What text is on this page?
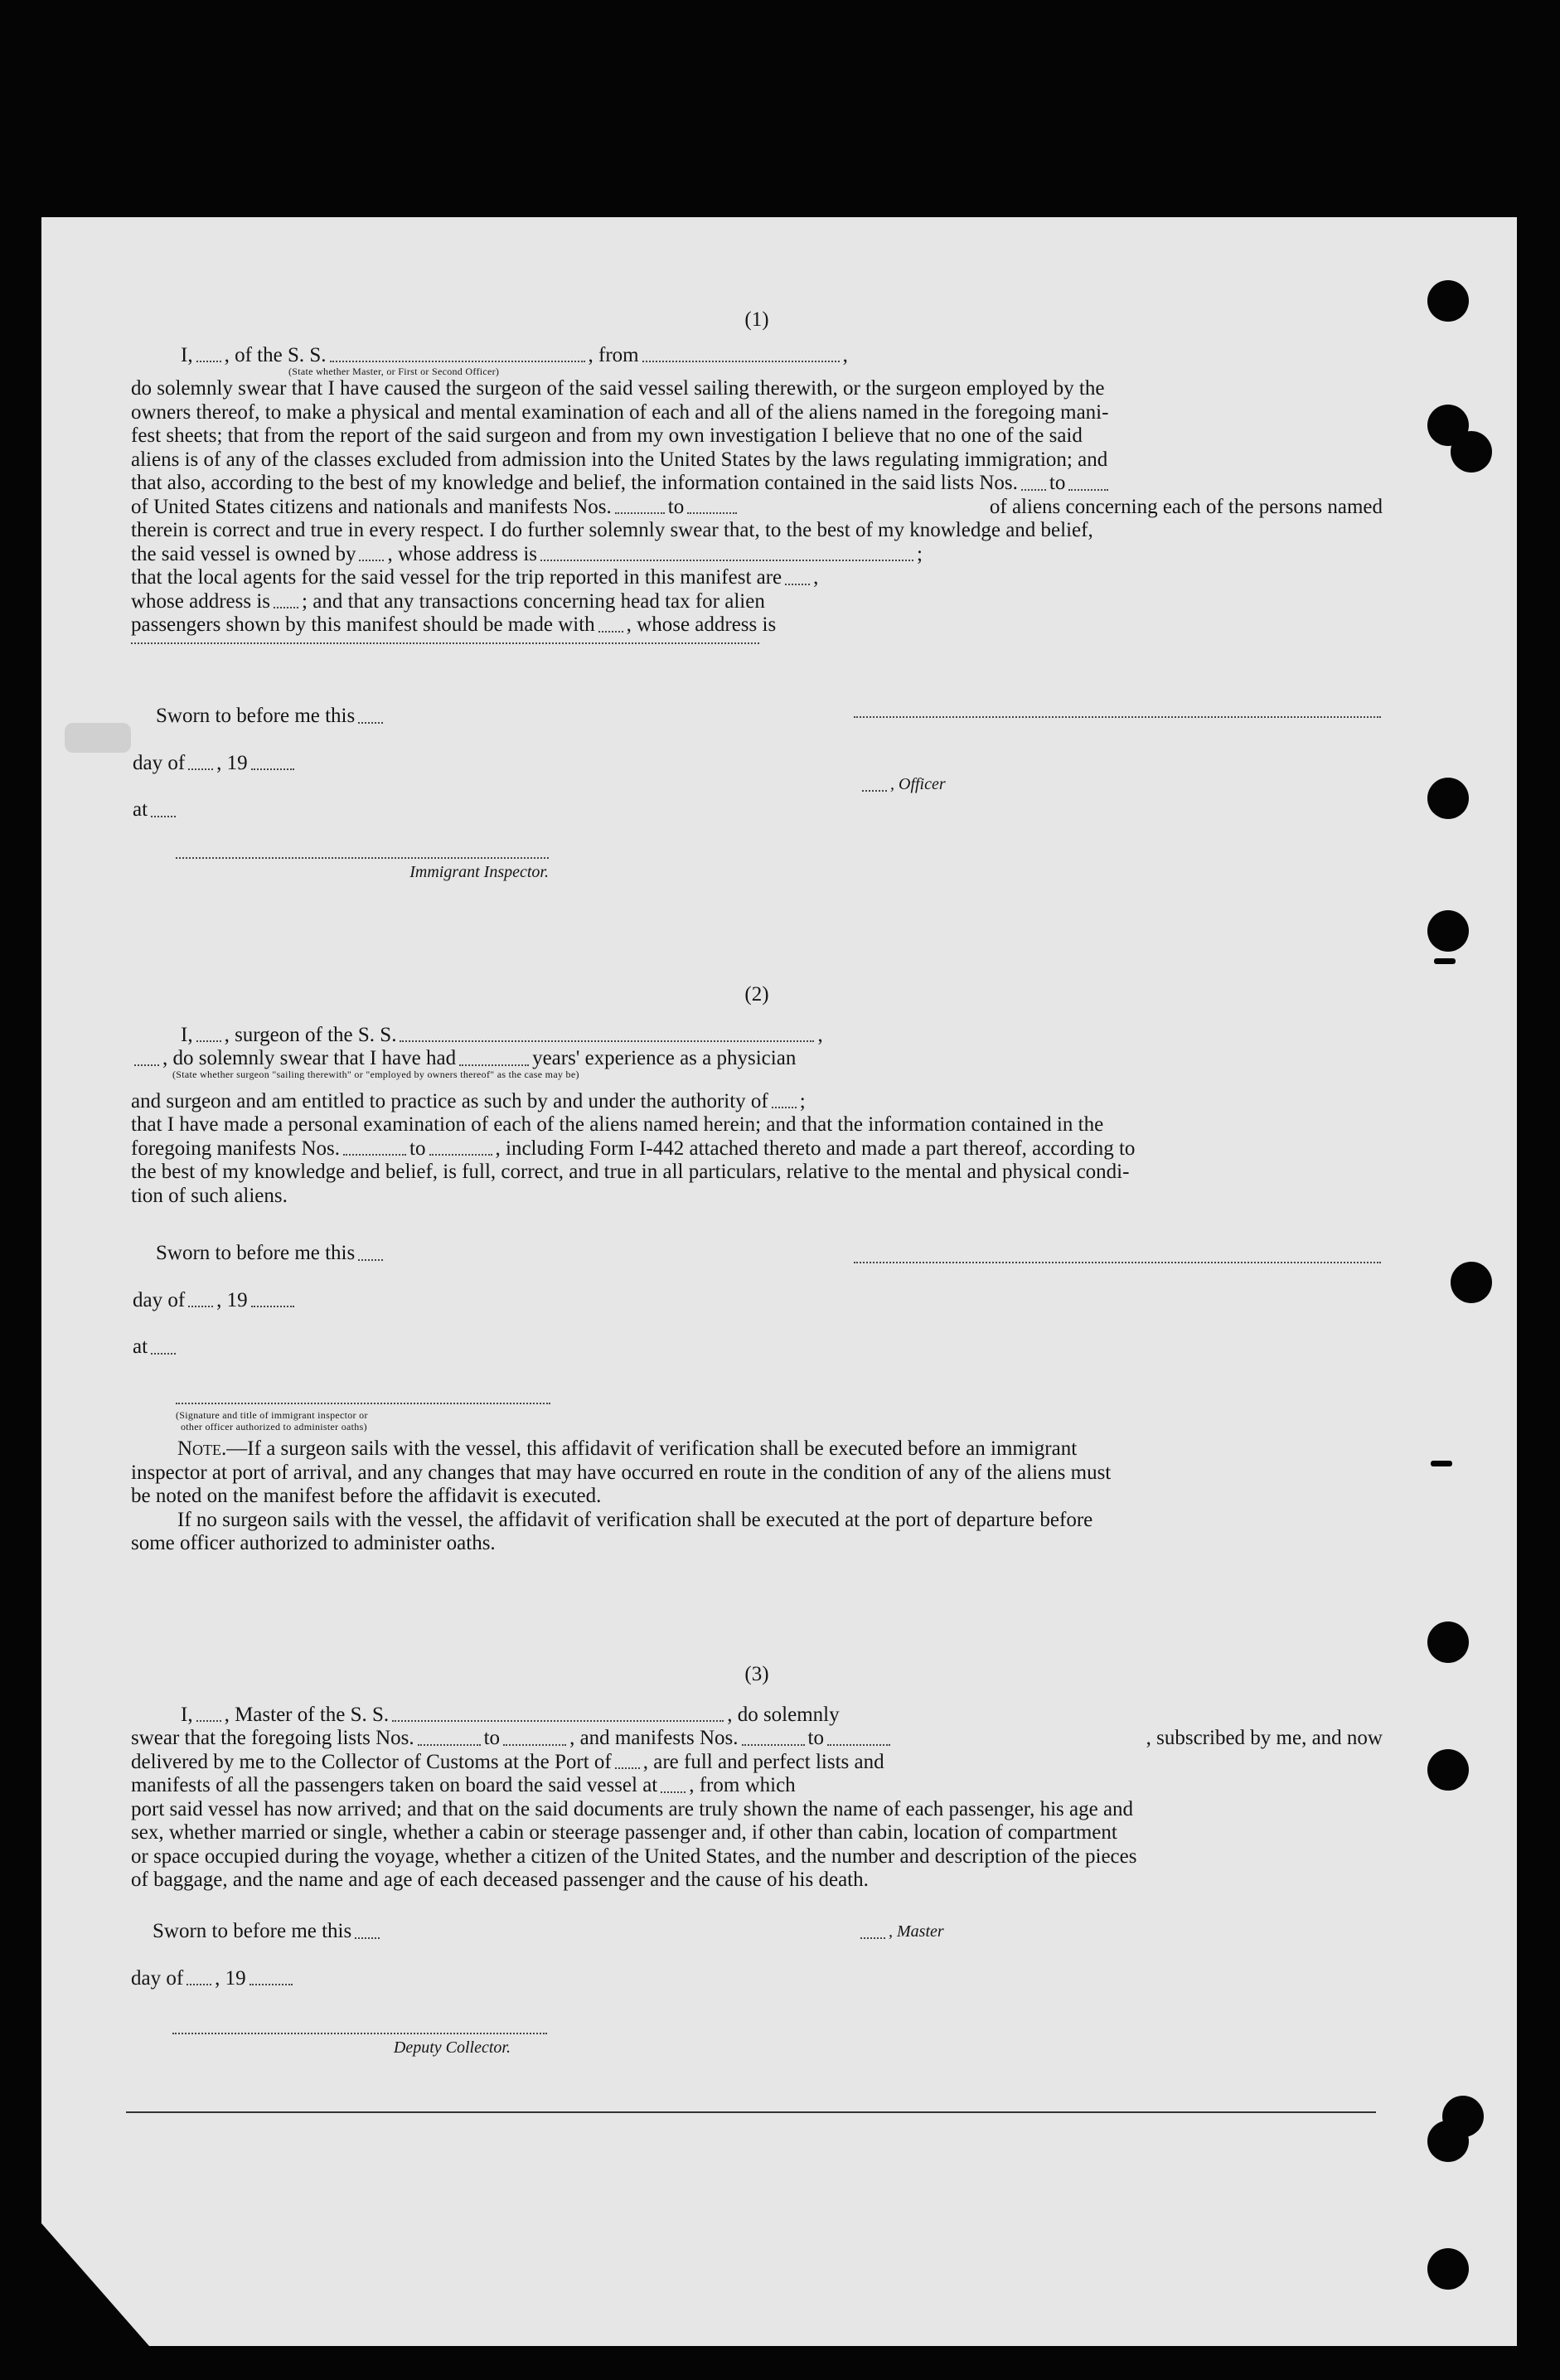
(1)
I, , of the S. S.	, from	,
(State whether Master, or First or Second Officer)
do solemnly swear that I have caused the surgeon of the said vessel sailing therewith, or the surgeon employed by the
owners thereof, to make a physical and mental examination of each and all of the aliens named in the foregoing mani-
fest sheets; that from the report of the said surgeon and from my own investigation I believe that no one of the said
aliens is of any of the classes excluded from admission into the United States by the laws regulating immigration; and
that also, according to the best of my knowledge and belief, the information contained in the said lists Nos. to
of United States citizens and nationals and manifests Nos.	to	of aliens concerning each of the persons named
therein is correct and true in every respect. I do further solemnly swear that, to the best of my knowledge and belief,
the said vessel is owned by , whose address is	;
that the local agents for the said vessel for the trip reported in this manifest are ,
whose address is ; and that any transactions concerning head tax for alien
passengers shown by this manifest should be made with , whose address is
Sworn to before me this
day of , 19
at
Immigrant Inspector.
, Officer
(2)
I, , surgeon of the S. S.	,
, do solemnly swear that I have had	years' experience as a physician
(State whether surgeon "sailing therewith" or "employed by owners thereof" as the case may be)
and surgeon and am entitled to practice as such by and under the authority of ;
that I have made a personal examination of each of the aliens named herein; and that the information contained in the
foregoing manifests Nos.	to	, including Form I-442 attached thereto and made a part thereof, according to
the best of my knowledge and belief, is full, correct, and true in all particulars, relative to the mental and physical condi-
tion of such aliens.
Sworn to before me this
day of , 19
at
(Signature and title of immigrant inspector or
other officer authorized to administer oaths)
Note.—If a surgeon sails with the vessel, this affidavit of verification shall be executed before an immigrant
inspector at port of arrival, and any changes that may have occurred en route in the condition of any of the aliens must
be noted on the manifest before the affidavit is executed.
If no surgeon sails with the vessel, the affidavit of verification shall be executed at the port of departure before
some officer authorized to administer oaths.
(3)
I, , Master of the S. S.	, do solemnly
swear that the foregoing lists Nos.	to	, and manifests Nos.	to	, subscribed by me, and now
delivered by me to the Collector of Customs at the Port of , are full and perfect lists and
manifests of all the passengers taken on board the said vessel at , from which
port said vessel has now arrived; and that on the said documents are truly shown the name of each passenger, his age and
sex, whether married or single, whether a cabin or steerage passenger and, if other than cabin, location of compartment
or space occupied during the voyage, whether a citizen of the United States, and the number and description of the pieces
of baggage, and the name and age of each deceased passenger and the cause of his death.
Sworn to before me this
day of , 19
, Master
Deputy Collector.
